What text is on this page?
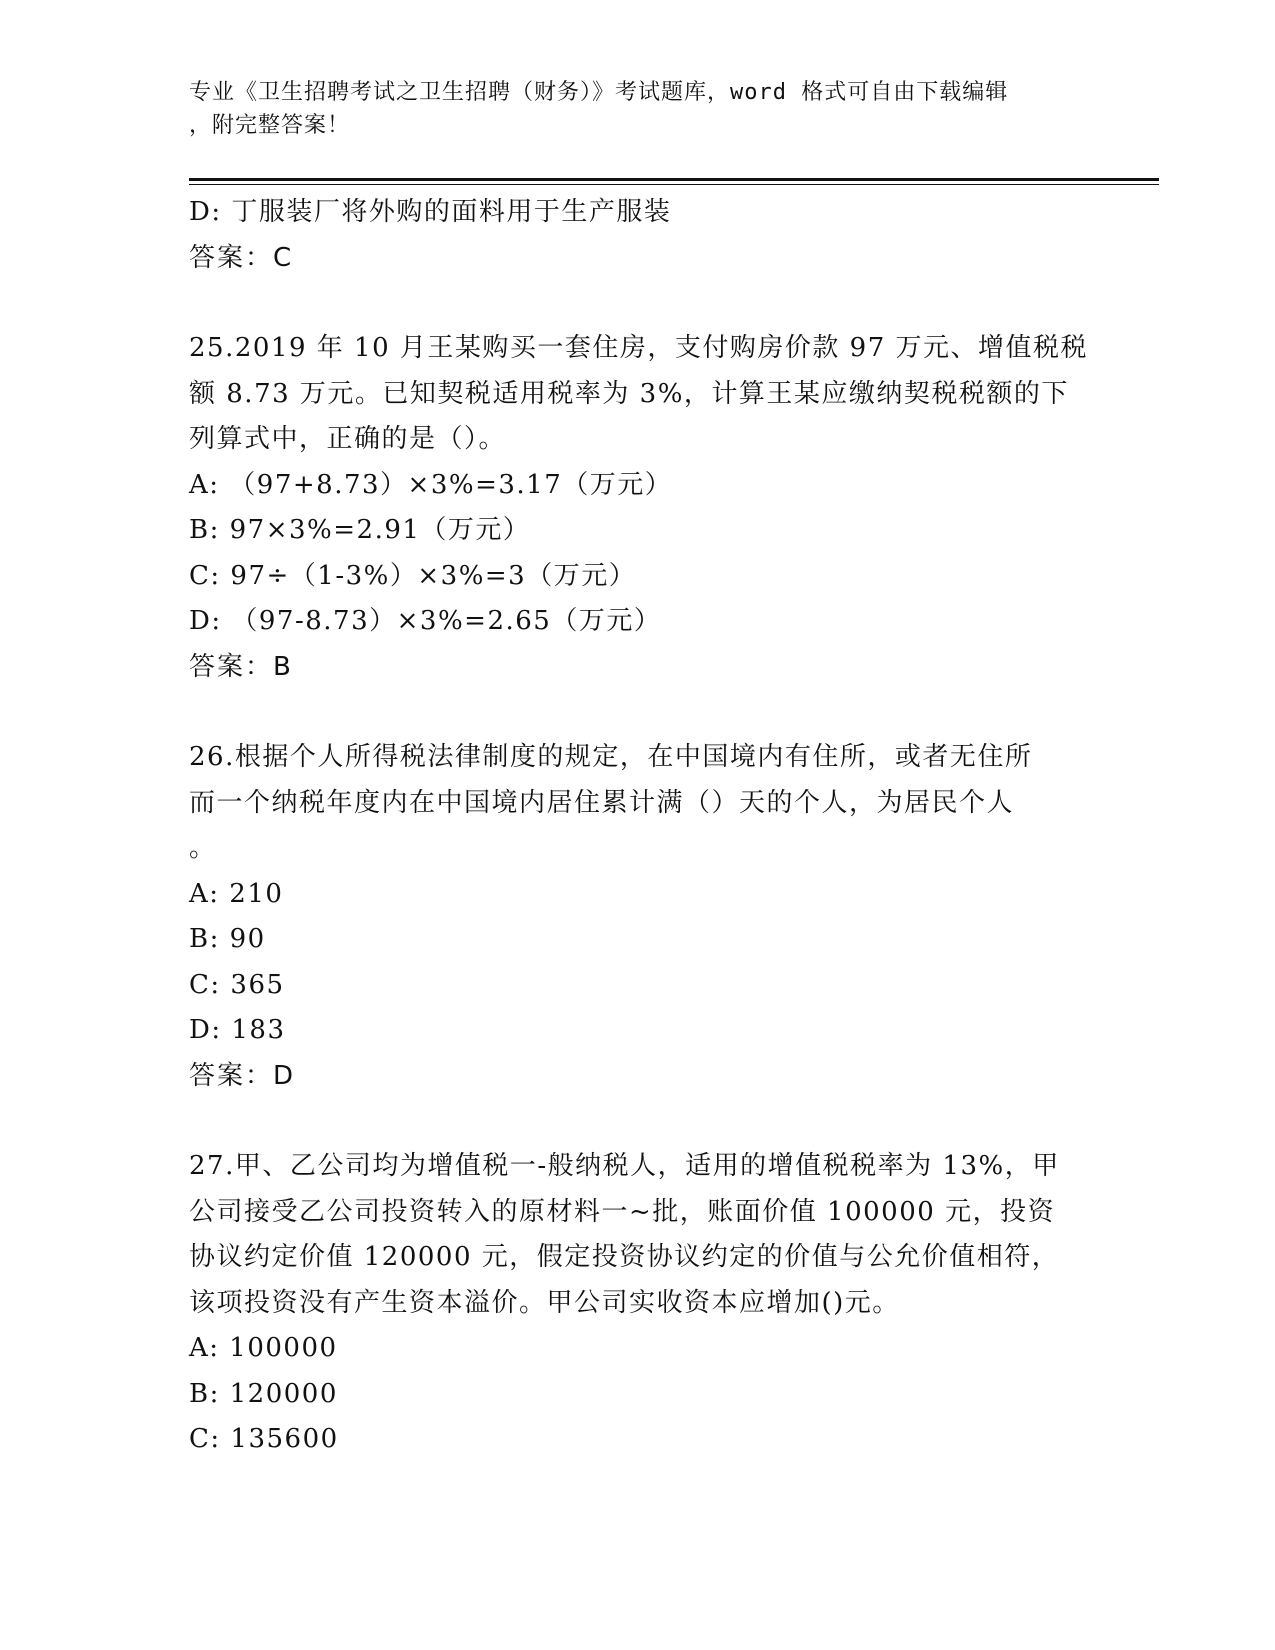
专业《卫生招聘考试之卫生招聘（财务）》考试题库，word 格式可自由下载编辑
，附完整答案！
D: 丁服装厂将外购的面料用于生产服装
答案：C
25.2019 年 10 月王某购买一套住房，支付购房价款 97 万元、增值税税
额 8.73 万元。已知契税适用税率为 3%，计算王某应缴纳契税税额的下
列算式中，正确的是（）。
A: （97+8.73）×3%=3.17（万元）
B: 97×3%=2.91（万元）
C: 97÷（1-3%）×3%=3（万元）
D: （97-8.73）×3%=2.65（万元）
答案：B
26.根据个人所得税法律制度的规定，在中国境内有住所，或者无住所
而一个纳税年度内在中国境内居住累计满（）天的个人，为居民个人
。
A: 210
B: 90
C: 365
D: 183
答案：D
27.甲、乙公司均为增值税一-般纳税人，适用的增值税税率为 13%，甲
公司接受乙公司投资转入的原材料一~批，账面价值 100000 元，投资
协议约定价值 120000 元，假定投资协议约定的价值与公允价值相符，
该项投资没有产生资本溢价。甲公司实收资本应增加()元。
A: 100000
B: 120000
C: 135600
